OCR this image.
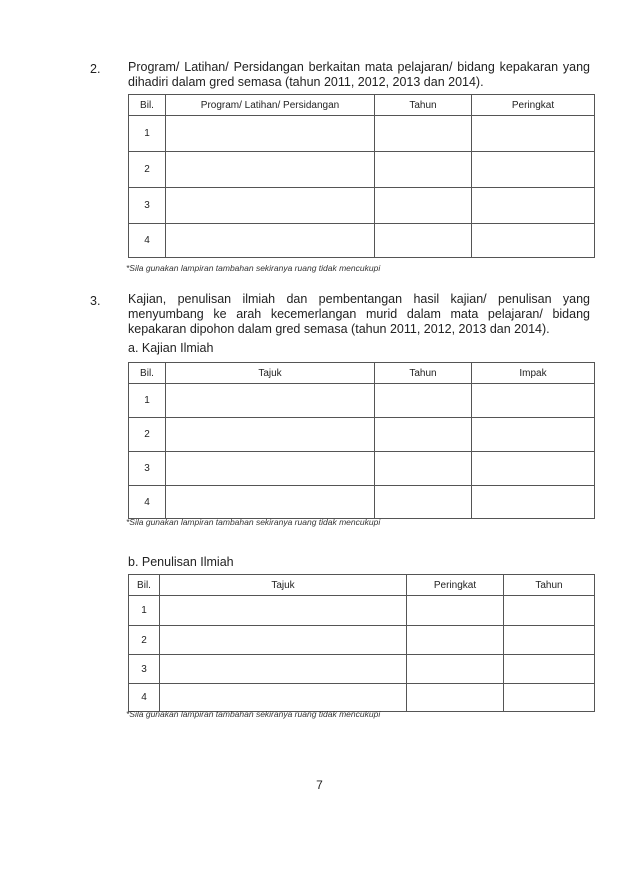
2. Program/ Latihan/ Persidangan berkaitan mata pelajaran/ bidang kepakaran yang dihadiri dalam gred semasa (tahun 2011, 2012, 2013 dan 2014).
Bil.	Program/ Latihan/ Persidangan	Tahun	Peringkat
1			
2			
3			
4			
*Sila gunakan lampiran tambahan sekiranya ruang tidak mencukupi
3. Kajian, penulisan ilmiah dan pembentangan hasil kajian/ penulisan yang menyumbang ke arah kecemerlangan murid dalam mata pelajaran/ bidang kepakaran dipohon dalam gred semasa (tahun 2011, 2012, 2013 dan 2014).
a. Kajian Ilmiah
Bil.	Tajuk	Tahun	Impak
1			
2			
3			
4			
*Sila gunakan lampiran tambahan sekiranya ruang tidak mencukupi
b. Penulisan Ilmiah
Bil.	Tajuk	Peringkat	Tahun
1			
2			
3			
4			
*Sila gunakan lampiran tambahan sekiranya ruang tidak mencukupi
7
